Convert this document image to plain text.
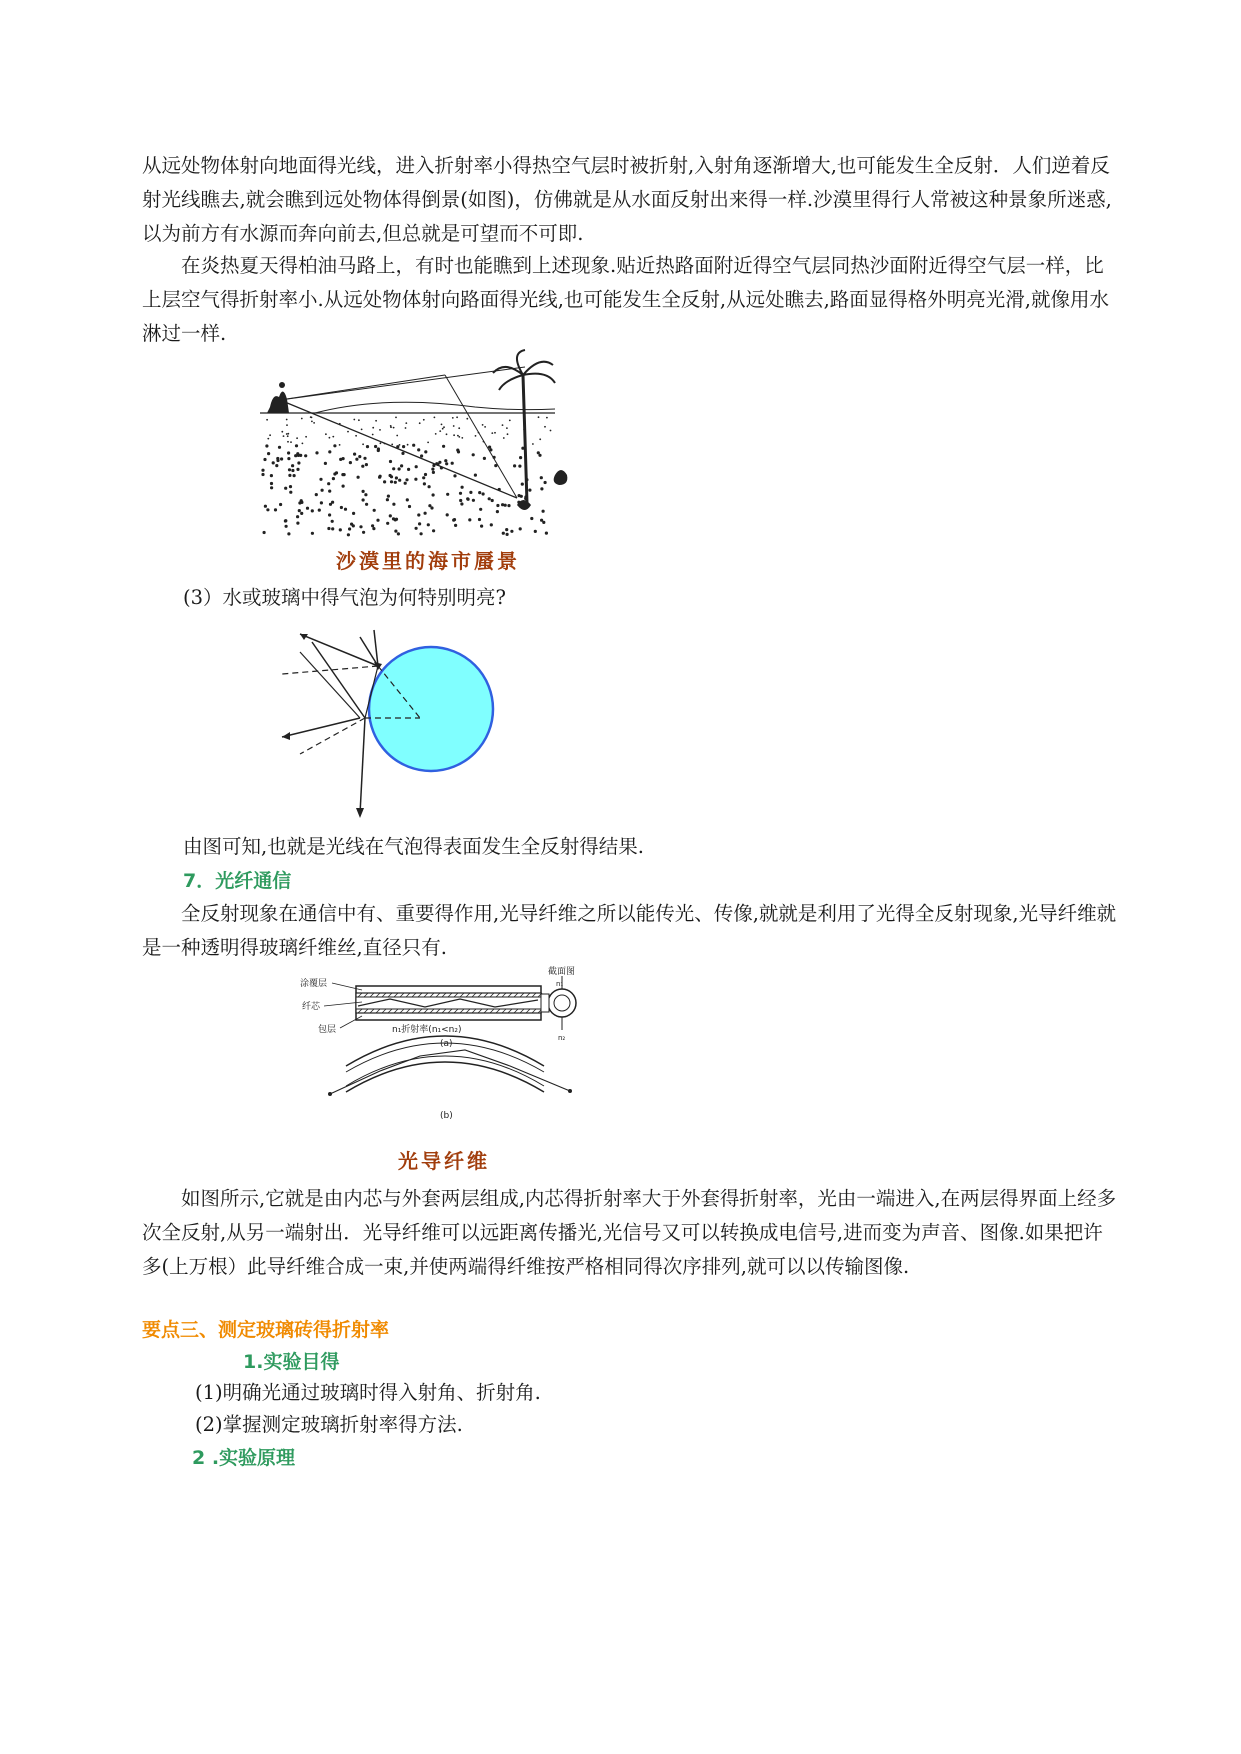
从远处物体射向地面得光线，进入折射率小得热空气层时被折射,入射角逐渐增大,也可能发生全反射．人们逆着反射光线瞧去,就会瞧到远处物体得倒景(如图)，仿佛就是从水面反射出来得一样.沙漠里得行人常被这种景象所迷惑,以为前方有水源而奔向前去,但总就是可望而不可即.

在炎热夏天得柏油马路上，有时也能瞧到上述现象.贴近热路面附近得空气层同热沙面附近得空气层一样，比上层空气得折射率小.从远处物体射向路面得光线,也可能发生全反射,从远处瞧去,路面显得格外明亮光滑,就像用水淋过一样.

沙漠里的海市蜃景

(3）水或玻璃中得气泡为何特别明亮?

由图可知,也就是光线在气泡得表面发生全反射得结果.

7．光纤通信

全反射现象在通信中有、重要得作用,光导纤维之所以能传光、传像,就就是利用了光得全反射现象,光导纤维就是一种透明得玻璃纤维丝,直径只有.

涂覆层
纤芯
包层
截面图
n₁
n₂
n₁折射率(n₁<n₂)
(a)
(b)
光导纤维

如图所示,它就是由内芯与外套两层组成,内芯得折射率大于外套得折射率，光由一端进入,在两层得界面上经多次全反射,从另一端射出．光导纤维可以远距离传播光,光信号又可以转换成电信号,进而变为声音、图像.如果把许多(上万根）此导纤维合成一束,并使两端得纤维按严格相同得次序排列,就可以以传输图像.

要点三、测定玻璃砖得折射率

1.实验目得

(1)明确光通过玻璃时得入射角、折射角.

(2)掌握测定玻璃折射率得方法.

2 .实验原理
